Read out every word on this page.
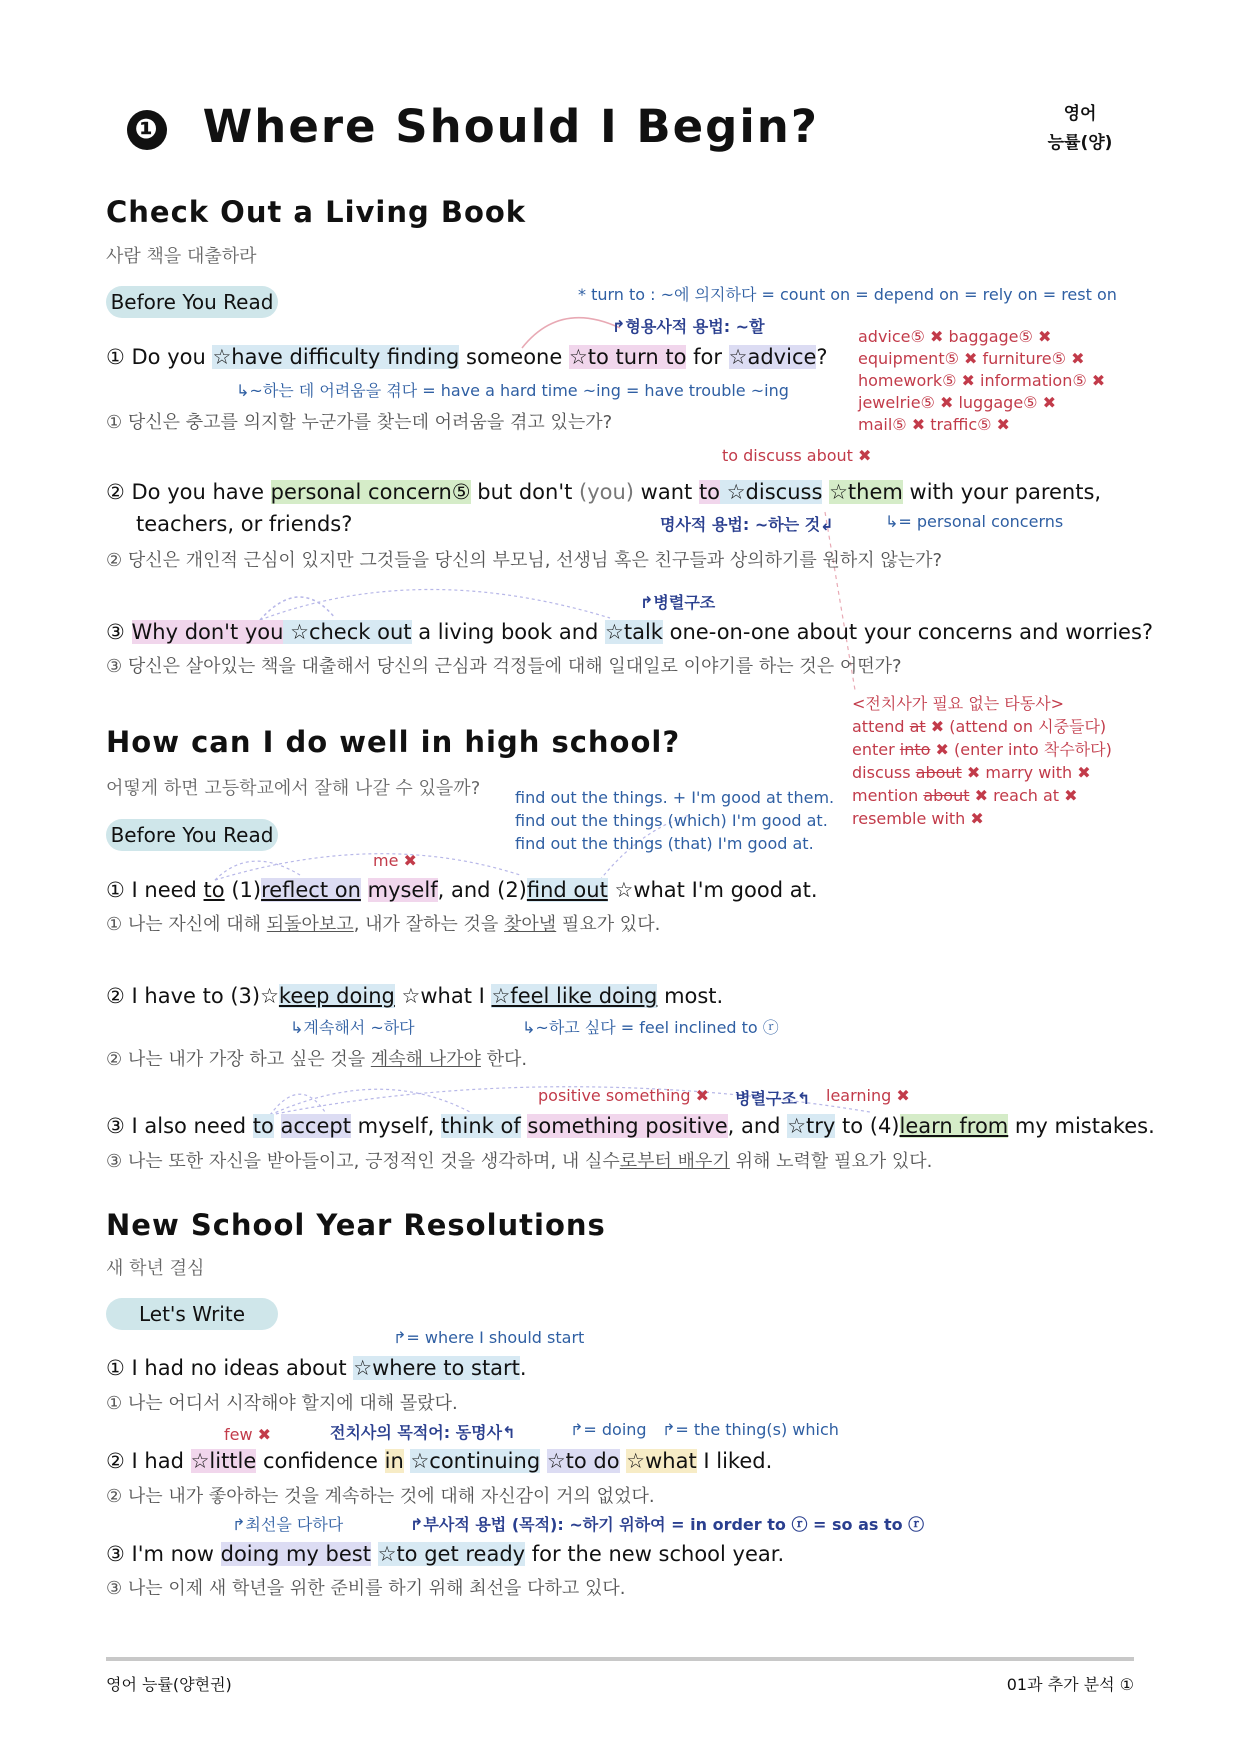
❶ Where Should I Begin?	영어
능률(양)
Check Out a Living Book
사람 책을 대출하라
Before You Read	* turn to : ~에 의지하다 = count on = depend on = rely on = rest on
↱형용사적 용법: ~할
① Do you ☆have difficulty finding someone ☆to turn to for ☆advice?
↳~하는 데 어려움을 겪다 = have a hard time ~ing = have trouble ~ing
① 당신은 충고를 의지할 누군가를 찾는데 어려움을 겪고 있는가?
advice⑤ ✖ baggage⑤ ✖
equipment⑤ ✖ furniture⑤ ✖
homework⑤ ✖ information⑤ ✖
jewelrie⑤ ✖ luggage⑤ ✖
mail⑤ ✖ traffic⑤ ✖
to discuss about ✖
② Do you have personal concern⑤ but don't (you) want to ☆discuss ☆them with your parents,
teachers, or friends?	명사적 용법: ~하는 것↲	↳= personal concerns
② 당신은 개인적 근심이 있지만 그것들을 당신의 부모님, 선생님 혹은 친구들과 상의하기를 원하지 않는가?
↱병렬구조
③ Why don't you ☆check out a living book and ☆talk one-on-one about your concerns and worries?
③ 당신은 살아있는 책을 대출해서 당신의 근심과 걱정들에 대해 일대일로 이야기를 하는 것은 어떤가?
<전치사가 필요 없는 타동사>
attend at ✖ (attend on 시중들다)
enter into ✖ (enter into 착수하다)
discuss about ✖ marry with ✖
mention about ✖ reach at ✖
resemble with ✖
How can I do well in high school?
어떻게 하면 고등학교에서 잘해 나갈 수 있을까? find out the things. + I'm good at them.
find out the things (which) I'm good at.
find out the things (that) I'm good at.
Before You Read
me ✖
① I need to (1)reflect on myself, and (2)find out ☆what I'm good at.
① 나는 자신에 대해 되돌아보고, 내가 잘하는 것을 찾아낼 필요가 있다.
② I have to (3)☆keep doing ☆what I ☆feel like doing most.
↳계속해서 ~하다	↳~하고 싶다 = feel inclined to ⓡ
② 나는 내가 가장 하고 싶은 것을 계속해 나가야 한다.
positive something ✖ 병렬구조↰ learning ✖
③ I also need to accept myself, think of something positive, and ☆try to (4)learn from my mistakes.
③ 나는 또한 자신을 받아들이고, 긍정적인 것을 생각하며, 내 실수로부터 배우기 위해 노력할 필요가 있다.
New School Year Resolutions
새 학년 결심
Let's Write
↱= where I should start
① I had no ideas about ☆where to start.
① 나는 어디서 시작해야 할지에 대해 몰랐다.
few ✖	전치사의 목적어: 동명사↰	↱= doing ↱= the thing(s) which
② I had ☆little confidence in ☆continuing ☆to do ☆what I liked.
② 나는 내가 좋아하는 것을 계속하는 것에 대해 자신감이 거의 없었다.
↱최선을 다하다	↱부사적 용법 (목적): ~하기 위하여 = in order to ⓡ = so as to ⓡ
③ I'm now doing my best ☆to get ready for the new school year.
③ 나는 이제 새 학년을 위한 준비를 하기 위해 최선을 다하고 있다.
영어 능률(양현권)	01과 추가 분석 ①
